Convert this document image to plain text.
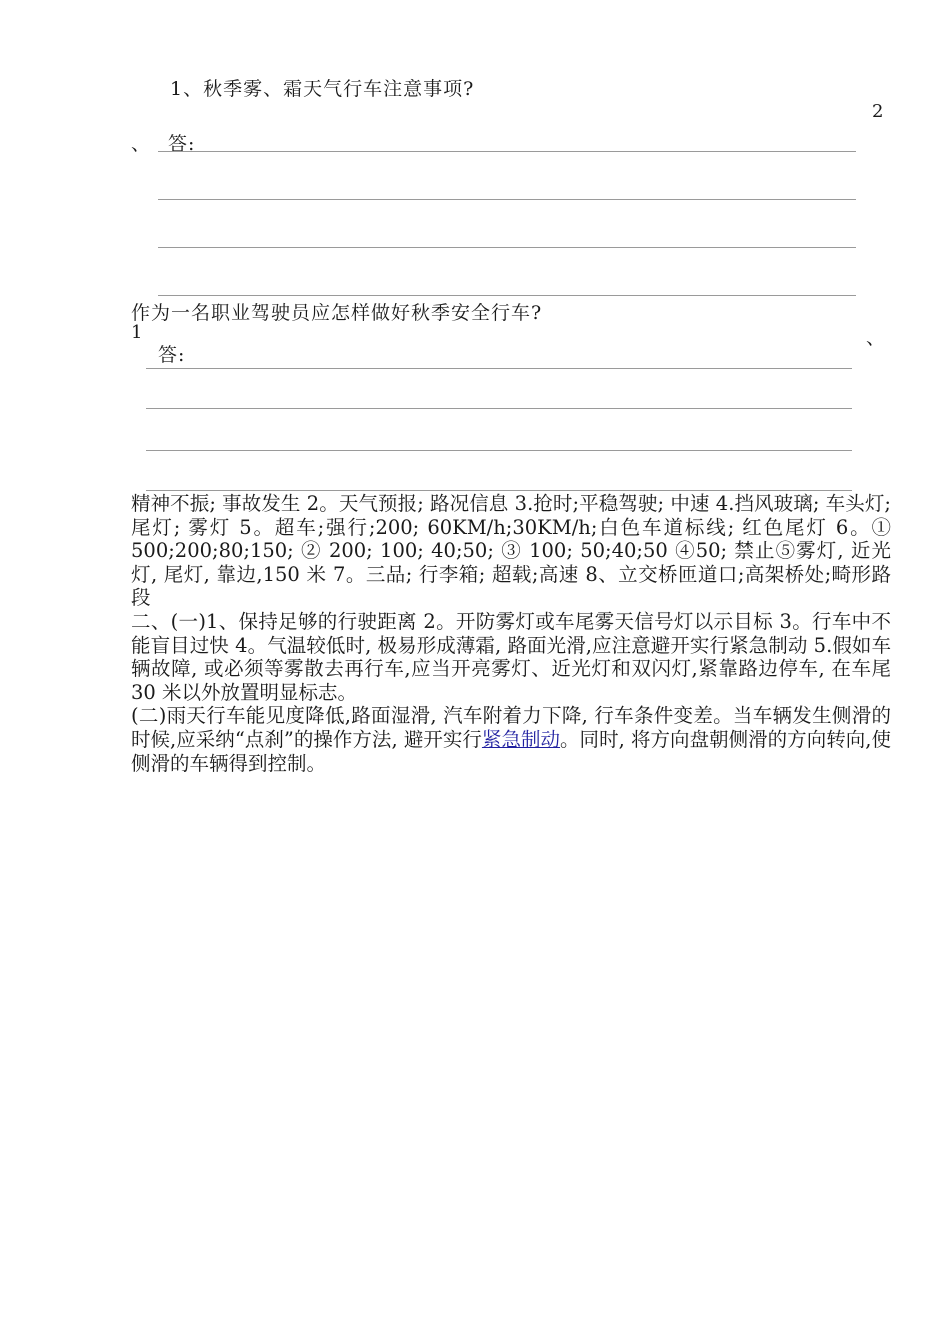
1、秋季雾、霜天气行车注意事项?
2
、 答:
作为一名职业驾驶员应怎样做好秋季安全行车?
1	、
答:

精神不振; 事故发生 2。天气预报; 路况信息 3.抢时;平稳驾驶; 中速 4.挡风玻璃; 车头灯; 尾灯; 雾灯 5。超车;强行;200; 60KM/h;30KM/h;白色车道标线; 红色尾灯 6。① 500;200;80;150; ② 200; 100; 40;50; ③ 100; 50;40;50 ④50; 禁止⑤雾灯, 近光灯, 尾灯, 靠边,150 米 7。三品; 行李箱; 超载;高速 8、立交桥匝道口;高架桥处;畸形路段

二、(一)1、保持足够的行驶距离 2。开防雾灯或车尾雾天信号灯以示目标 3。行车中不能盲目过快 4。气温较低时, 极易形成薄霜, 路面光滑,应注意避开实行紧急制动 5.假如车辆故障, 或必须等雾散去再行车,应当开亮雾灯、近光灯和双闪灯,紧靠路边停车, 在车尾 30 米以外放置明显标志。

(二)雨天行车能见度降低,路面湿滑, 汽车附着力下降, 行车条件变差。当车辆发生侧滑的时候,应采纳“点刹”的操作方法, 避开实行紧急制动。同时, 将方向盘朝侧滑的方向转向,使侧滑的车辆得到控制。
